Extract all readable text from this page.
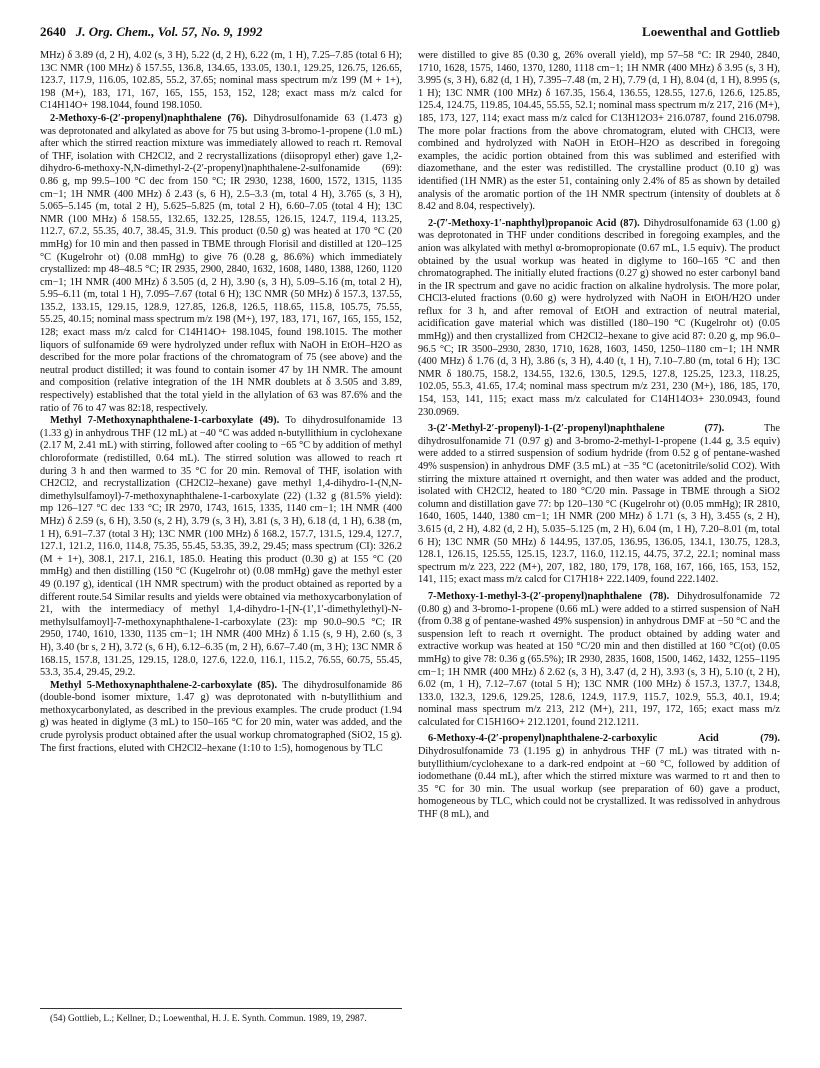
2640 J. Org. Chem., Vol. 57, No. 9, 1992	Loewenthal and Gottlieb

MHz) δ 3.89 (d, 2 H), 4.02 (s, 3 H), 5.22 (d, 2 H), 6.22 (m, 1 H), 7.25–7.85 (total 6 H); 13C NMR (100 MHz) δ 157.55, 136.8, 134.65, 133.05, 130.1, 129.25, 126.75, 126.65, 123.7, 117.9, 116.05, 102.85, 55.2, 37.65; nominal mass spectrum m/z 199 (M + 1+), 198 (M+), 183, 171, 167, 165, 155, 153, 152, 128; exact mass m/z calcd for C14H14O+ 198.1044, found 198.1050.

2-Methoxy-6-(2′-propenyl)naphthalene (76). Dihydrosulfonamide 63 (1.473 g) was deprotonated and alkylated as above for 75 but using 3-bromo-1-propene (1.0 mL) after which the stirred reaction mixture was immediately allowed to reach rt. Removal of THF, isolation with CH2Cl2, and 2 recrystallizations (diisopropyl ether) gave 1,2-dihydro-6-methoxy-N,N-dimethyl-2-(2′-propenyl)naphthalene-2-sulfonamide (69): 0.86 g, mp 99.5–100 °C dec from 150 °C; IR 2930, 1238, 1600, 1572, 1315, 1135 cm−1; 1H NMR (400 MHz) δ 2.43 (s, 6 H), 2.5–3.3 (m, total 4 H), 3.765 (s, 3 H), 5.065–5.145 (m, total 2 H), 5.625–5.825 (m, total 2 H), 6.60–7.05 (total 4 H); 13C NMR (100 MHz) δ 158.55, 132.65, 132.25, 128.55, 126.15, 124.7, 119.4, 113.25, 112.7, 67.2, 55.35, 40.7, 38.45, 31.9. This product (0.50 g) was heated at 170 °C (20 mmHg) for 10 min and then passed in TBME through Florisil and distilled at 120–125 °C (Kugelrohr ot) (0.08 mmHg) to give 76 (0.28 g, 86.6%) which immediately crystallized: mp 48–48.5 °C; IR 2935, 2900, 2840, 1632, 1608, 1480, 1388, 1260, 1120 cm−1; 1H NMR (400 MHz) δ 3.505 (d, 2 H), 3.90 (s, 3 H), 5.09–5.16 (m, total 2 H), 5.95–6.11 (m, total 1 H), 7.095–7.67 (total 6 H); 13C NMR (50 MHz) δ 157.3, 137.55, 135.2, 133.15, 129.15, 128.9, 127.85, 126.8, 126.5, 118.65, 115.8, 105.75, 75.55, 55.25, 40.15; nominal mass spectrum m/z 198 (M+), 197, 183, 171, 167, 165, 155, 152, 128; exact mass m/z calcd for C14H14O+ 198.1045, found 198.1015. The mother liquors of sulfonamide 69 were hydrolyzed under reflux with NaOH in EtOH–H2O as described for the more polar fractions of the chromatogram of 75 (see above) and the neutral product distilled; it was found to contain isomer 47 by 1H NMR. The amount and composition (relative integration of the 1H NMR doublets at δ 3.505 and 3.89, respectively) established that the total yield in the allylation of 63 was 87.6% and the ratio of 76 to 47 was 82:18, respectively.

Methyl 7-Methoxynaphthalene-1-carboxylate (49). To dihydrosulfonamide 13 (1.33 g) in anhydrous THF (12 mL) at −40 °C was added n-butyllithium in cyclohexane (2.17 M, 2.41 mL) with stirring, followed after cooling to −65 °C by addition of methyl chloroformate (redistilled, 0.64 mL). The stirred solution was allowed to reach rt during 3 h and then warmed to 35 °C for 20 min. Removal of THF, isolation with CH2Cl2, and recrystallization (CH2Cl2–hexane) gave methyl 1,4-dihydro-1-(N,N-dimethylsulfamoyl)-7-methoxynaphthalene-1-carboxylate (22) (1.32 g (81.5% yield): mp 126–127 °C dec 133 °C; IR 2970, 1743, 1615, 1335, 1140 cm−1; 1H NMR (400 MHz) δ 2.59 (s, 6 H), 3.50 (s, 2 H), 3.79 (s, 3 H), 3.81 (s, 3 H), 6.18 (d, 1 H), 6.38 (m, 1 H), 6.91–7.37 (total 3 H); 13C NMR (100 MHz) δ 168.2, 157.7, 131.5, 129.4, 127.7, 127.1, 121.2, 116.0, 114.8, 75.35, 55.45, 53.35, 39.2, 29.45; mass spectrum (CI): 326.2 (M + 1+), 308.1, 217.1, 216.1, 185.0. Heating this product (0.30 g) at 155 °C (20 mmHg) and then distilling (150 °C (Kugelrohr ot) (0.08 mmHg) gave the methyl ester 49 (0.197 g), identical (1H NMR spectrum) with the product obtained as reported by a different route.54 Similar results and yields were obtained via methoxycarbonylation of 21, with the intermediacy of methyl 1,4-dihydro-1-[N-(1′,1′-dimethylethyl)-N-methylsulfamoyl]-7-methoxynaphthalene-1-carboxylate (23): mp 90.0–90.5 °C; IR 2950, 1740, 1610, 1330, 1135 cm−1; 1H NMR (400 MHz) δ 1.15 (s, 9 H), 2.60 (s, 3 H), 3.40 (br s, 2 H), 3.72 (s, 6 H), 6.12–6.35 (m, 2 H), 6.67–7.40 (m, 3 H); 13C NMR δ 168.15, 157.8, 131.25, 129.15, 128.0, 127.6, 122.0, 116.1, 115.2, 76.55, 60.75, 55.45, 53.3, 35.4, 29.45, 29.2.

Methyl 5-Methoxynaphthalene-2-carboxylate (85). The dihydrosulfonamide 86 (double-bond isomer mixture, 1.47 g) was deprotonated with n-butyllithium and methoxycarbonylated, as described in the previous examples. The crude product (1.94 g) was heated in diglyme (3 mL) to 150–165 °C for 20 min, water was added, and the crude pyrolysis product obtained after the usual workup chromatographed (SiO2, 15 g). The first fractions, eluted with CH2Cl2–hexane (1:10 to 1:5), homogenous by TLC

were distilled to give 85 (0.30 g, 26% overall yield), mp 57–58 °C: IR 2940, 2840, 1710, 1628, 1575, 1460, 1370, 1280, 1118 cm−1; 1H NMR (400 MHz) δ 3.95 (s, 3 H), 3.995 (s, 3 H), 6.82 (d, 1 H), 7.395–7.48 (m, 2 H), 7.79 (d, 1 H), 8.04 (d, 1 H), 8.995 (s, 1 H); 13C NMR (100 MHz) δ 167.35, 156.4, 136.55, 128.55, 127.6, 126.6, 125.85, 125.4, 124.75, 119.85, 104.45, 55.55, 52.1; nominal mass spectrum m/z 217, 216 (M+), 185, 173, 127, 114; exact mass m/z calcd for C13H12O3+ 216.0787, found 216.0798. The more polar fractions from the above chromatogram, eluted with CHCl3, were combined and hydrolyzed with NaOH in EtOH–H2O as described in foregoing examples, the acidic portion obtained from this was sublimed and esterified with diazomethane, and the ester was redistilled. The crystalline product (0.10 g) was identified (1H NMR) as the ester 51, containing only 2.4% of 85 as shown by detailed analysis of the aromatic portion of the 1H NMR spectrum (intensity of doublets at δ 8.42 and 8.04, respectively).

2-(7′-Methoxy-1′-naphthyl)propanoic Acid (87). Dihydrosulfonamide 63 (1.00 g) was deprotonated in THF under conditions described in foregoing examples, and the anion was alkylated with methyl α-bromopropionate (0.67 mL, 1.5 equiv). The product obtained by the usual workup was heated in diglyme to 160–165 °C and then chromatographed. The initially eluted fractions (0.27 g) showed no ester carbonyl band in the IR spectrum and gave no acidic fraction on alkaline hydrolysis. The more polar, CHCl3-eluted fractions (0.60 g) were hydrolyzed with NaOH in EtOH/H2O under reflux for 3 h, and after removal of EtOH and extraction of neutral material, acidification gave material which was distilled (180–190 °C (Kugelrohr ot) (0.05 mmHg)) and then crystallized from CH2Cl2–hexane to give acid 87: 0.20 g, mp 96.0–96.5 °C; IR 3500–2930, 2830, 1710, 1628, 1603, 1450, 1250–1180 cm−1; 1H NMR (400 MHz) δ 1.76 (d, 3 H), 3.86 (s, 3 H), 4.40 (t, 1 H), 7.10–7.80 (m, total 6 H); 13C NMR δ 180.75, 158.2, 134.55, 132.6, 130.5, 129.5, 127.8, 125.25, 123.3, 118.25, 102.05, 55.3, 41.65, 17.4; nominal mass spectrum m/z 231, 230 (M+), 186, 185, 170, 154, 153, 141, 115; exact mass m/z calculated for C14H14O3+ 230.0943, found 230.0969.

3-(2′-Methyl-2′-propenyl)-1-(2′-propenyl)naphthalene (77).	The dihydrosulfonamide 71 (0.97 g) and 3-bromo-2-methyl-1-propene (1.44 g, 3.5 equiv) were added to a stirred suspension of sodium hydride (from 0.52 g of pentane-washed 49% suspension) in anhydrous DMF (3.5 mL) at −35 °C (acetonitrile/solid CO2). With stirring the mixture attained rt overnight, and then water was added and the product, isolated with CH2Cl2, heated to 180 °C/20 min. Passage in TBME through a SiO2 column and distillation gave 77: bp 120–130 °C (Kugelrohr ot) (0.05 mmHg); IR 2810, 1640, 1605, 1440, 1380 cm−1; 1H NMR (200 MHz) δ 1.71 (s, 3 H), 3.455 (s, 2 H), 3.615 (d, 2 H), 4.82 (d, 2 H), 5.035–5.125 (m, 2 H), 6.04 (m, 1 H), 7.20–8.01 (m, total 6 H); 13C NMR (50 MHz) δ 144.95, 137.05, 136.95, 136.05, 134.1, 130.75, 128.3, 128.1, 126.15, 125.55, 125.15, 123.7, 116.0, 112.15, 44.75, 37.2, 22.1; nominal mass spectrum m/z 223, 222 (M+), 207, 182, 180, 179, 178, 168, 167, 166, 165, 153, 152, 141, 115; exact mass m/z calcd for C17H18+ 222.1409, found 222.1402.

7-Methoxy-1-methyl-3-(2′-propenyl)naphthalene (78). Dihydrosulfonamide 72 (0.80 g) and 3-bromo-1-propene (0.66 mL) were added to a stirred suspension of NaH (from 0.38 g of pentane-washed 49% suspension) in anhydrous DMF at −50 °C and the suspension left to reach rt overnight. The product obtained by adding water and extractive workup was heated at 150 °C/20 min and then distilled at 160 °C(ot) (0.05 mmHg) to give 78: 0.36 g (65.5%); IR 2930, 2835, 1608, 1500, 1462, 1432, 1255–1195 cm−1; 1H NMR (400 MHz) δ 2.62 (s, 3 H), 3.47 (d, 2 H), 3.93 (s, 3 H), 5.10 (t, 2 H), 6.02 (m, 1 H), 7.12–7.67 (total 5 H); 13C NMR (100 MHz) δ 157.3, 137.7, 134.8, 133.0, 132.3, 129.6, 129.25, 128.6, 124.9, 117.9, 115.7, 102.9, 55.3, 40.1, 19.4; nominal mass spectrum m/z 213, 212 (M+), 211, 197, 172, 165; exact mass m/z calculated for C15H16O+ 212.1201, found 212.1211.

6-Methoxy-4-(2′-propenyl)naphthalene-2-carboxylic Acid (79). Dihydrosulfonamide 73 (1.195 g) in anhydrous THF (7 mL) was titrated with n-butyllithium/cyclohexane to a dark-red endpoint at −60 °C, followed by addition of iodomethane (0.44 mL), after which the stirred mixture was warmed to rt and then to 35 °C for 30 min. The usual workup (see preparation of 60) gave a product, homogeneous by TLC, which could not be crystallized. It was redissolved in anhydrous THF (8 mL), and

(54) Gottlieb, L.; Kellner, D.; Loewenthal, H. J. E. Synth. Commun. 1989, 19, 2987.
